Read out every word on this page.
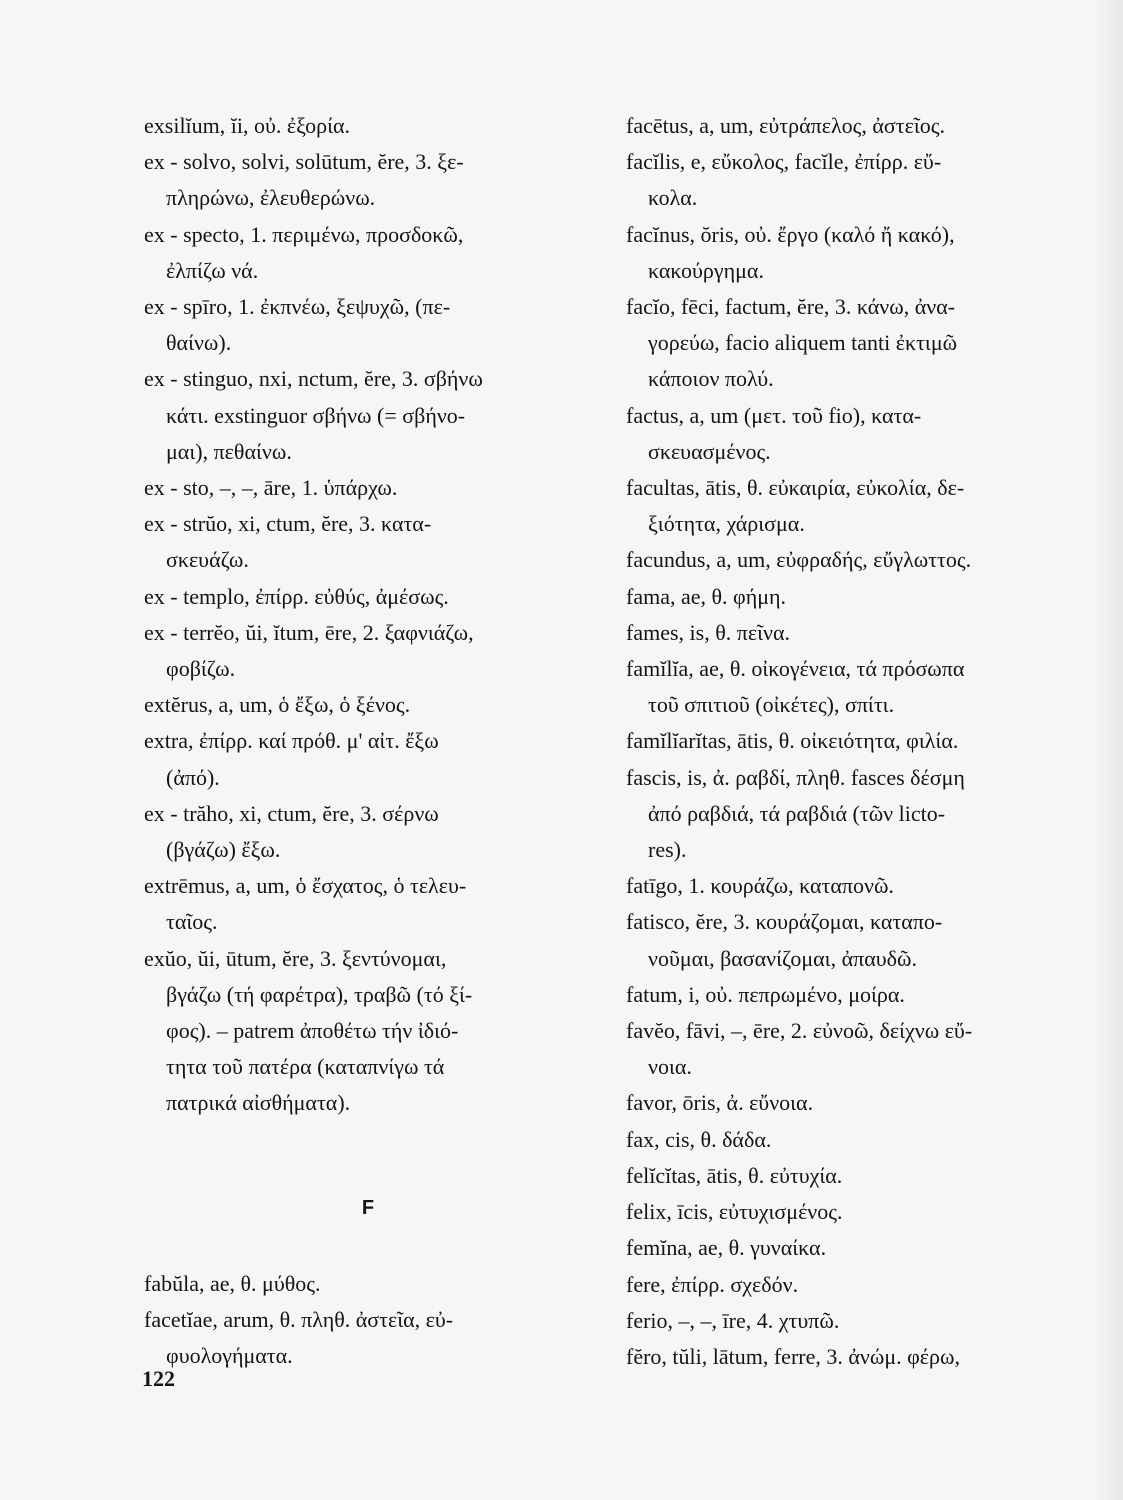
exsilĭum, ĭi, οὐ. ἐξορία.

ex - solvo, solvi, solūtum, ĕre, 3. ξε-
πληρώνω, ἐλευθερώνω.

ex - specto, 1. περιμένω, προσδοκῶ,
ἐλπίζω νά.

ex - spīro, 1. ἐκπνέω, ξεψυχῶ, (πε-
θαίνω).

ex - stinguo, nxi, nctum, ĕre, 3. σβήνω
κάτι. exstinguor σβήνω (= σβήνο-
μαι), πεθαίνω.

ex - sto, –, –, āre, 1. ὑπάρχω.

ex - strŭo, xi, ctum, ĕre, 3. κατα-
σκευάζω.

ex - templo, ἐπίρρ. εὐθύς, ἀμέσως.

ex - terrĕo, ŭi, ĭtum, ēre, 2. ξαφνιάζω,
φοβίζω.

extĕrus, a, um, ὁ ἔξω, ὁ ξένος.

extra, ἐπίρρ. καί πρόθ. μ' αἰτ. ἔξω
(ἀπό).

ex - trăho, xi, ctum, ĕre, 3. σέρνω
(βγάζω) ἔξω.

extrēmus, a, um, ὁ ἔσχατος, ὁ τελευ-
ταῖος.

exŭo, ŭi, ūtum, ĕre, 3. ξεντύνομαι,
βγάζω (τή φαρέτρα), τραβῶ (τό ξί-
φος). – patrem ἀποθέτω τήν ἰδιό-
τητα τοῦ πατέρα (καταπνίγω τά
πατρικά αἰσθήματα).

F

fabŭla, ae, θ. μύθος.

facetĭae, arum, θ. πληθ. ἀστεῖα, εὐ-
φυολογήματα.

facētus, a, um, εὐτράπελος, ἀστεῖος.

facĭlis, e, εὔκολος, facĭle, ἐπίρρ. εὔ-
κολα.

facĭnus, ŏris, οὐ. ἔργο (καλό ἤ κακό),
κακούργημα.

facĭo, fēci, factum, ĕre, 3. κάνω, ἀνα-
γορεύω, facio aliquem tanti ἐκτιμῶ
κάποιον πολύ.

factus, a, um (μετ. τοῦ fio), κατα-
σκευασμένος.

facultas, ātis, θ. εὐκαιρία, εὐκολία, δε-
ξιότητα, χάρισμα.

facundus, a, um, εὐφραδής, εὔγλωττος.

fama, ae, θ. φήμη.

fames, is, θ. πεῖνα.

famĭlĭa, ae, θ. οἰκογένεια, τά πρόσωπα
τοῦ σπιτιοῦ (οἰκέτες), σπίτι.

famĭlĭarĭtas, ātis, θ. οἰκειότητα, φιλία.

fascis, is, ἀ. ραβδί, πληθ. fasces δέσμη
ἀπό ραβδιά, τά ραβδιά (τῶν lictο-
res).

fatīgo, 1. κουράζω, καταπονῶ.

fatisco, ĕre, 3. κουράζομαι, καταπο-
νοῦμαι, βασανίζομαι, ἀπαυδῶ.

fatum, i, οὐ. πεπρωμένο, μοίρα.

favĕo, fāvi, –, ēre, 2. εὐνοῶ, δείχνω εὔ-
νοια.

favor, ōris, ἀ. εὔνοια.

fax, cis, θ. δάδα.

felĭcĭtas, ātis, θ. εὐτυχία.

felix, īcis, εὐτυχισμένος.

femĭna, ae, θ. γυναίκα.

fere, ἐπίρρ. σχεδόν.

ferio, –, –, īre, 4. χτυπῶ.

fĕro, tŭli, lātum, ferre, 3. ἀνώμ. φέρω,

122
